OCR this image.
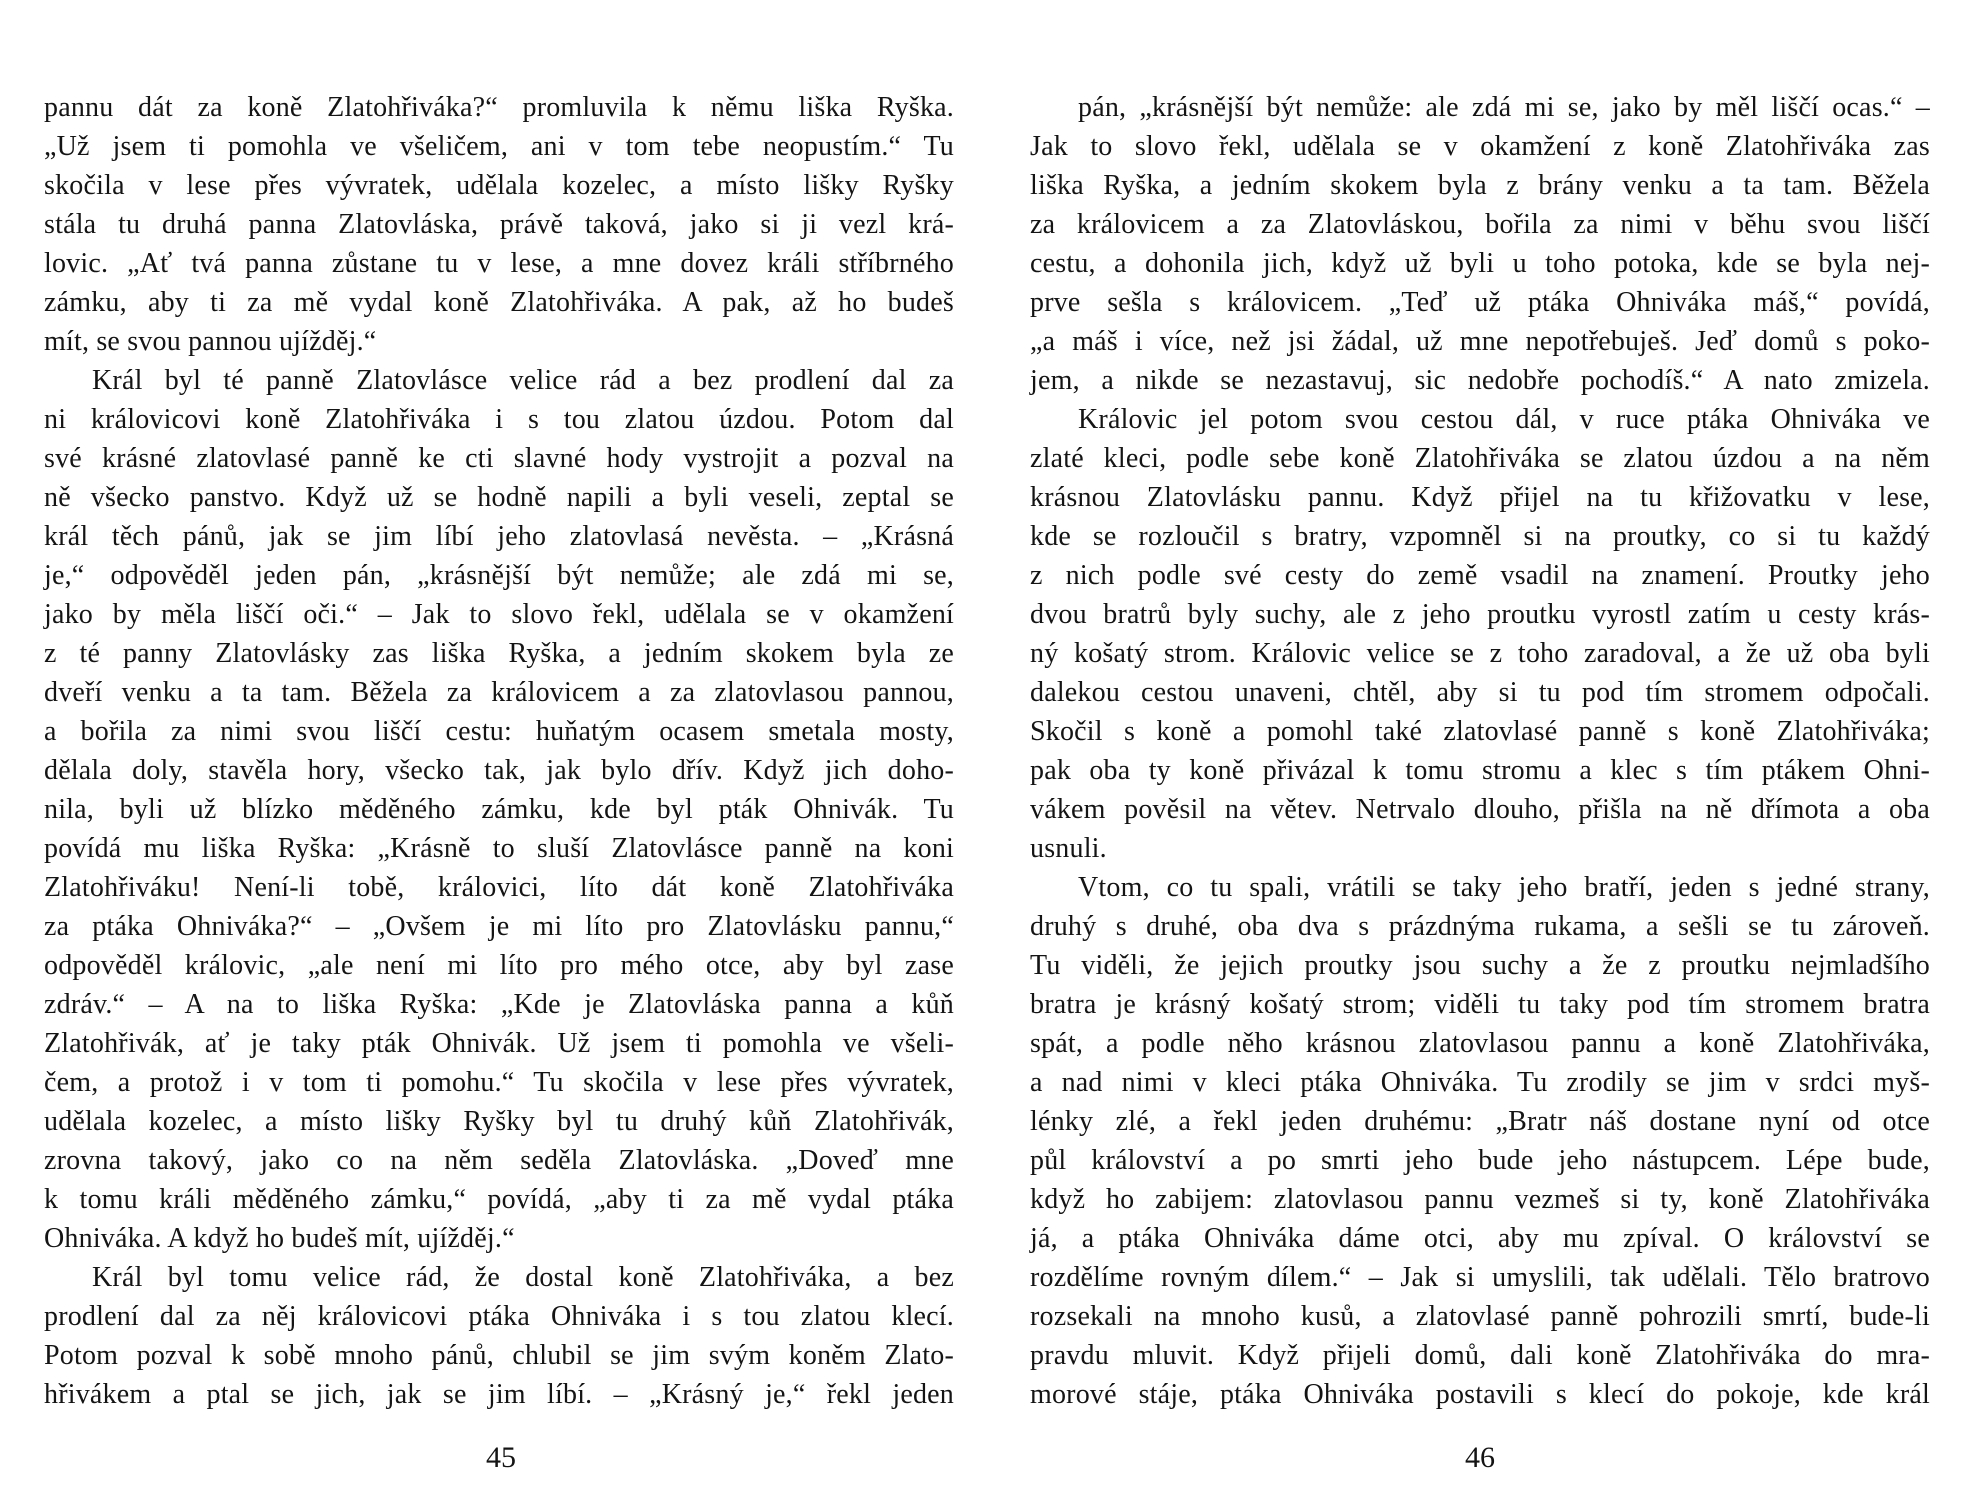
pannu dát za koně Zlatohřiváka?“ promluvila k němu liška Ryška.
„Už jsem ti pomohla ve všeličem, ani v tom tebe neopustím.“ Tu
skočila v lese přes vývratek, udělala kozelec, a místo lišky Ryšky
stála tu druhá panna Zlatovláska, právě taková, jako si ji vezl krá-
lovic. „Ať tvá panna zůstane tu v lese, a mne dovez králi stříbrného
zámku, aby ti za mě vydal koně Zlatohřiváka. A pak, až ho budeš
mít, se svou pannou ujížděj.“
Král byl té panně Zlatovlásce velice rád a bez prodlení dal za
ni královicovi koně Zlatohřiváka i s tou zlatou úzdou. Potom dal
své krásné zlatovlasé panně ke cti slavné hody vystrojit a pozval na
ně všecko panstvo. Když už se hodně napili a byli veseli, zeptal se
král těch pánů, jak se jim líbí jeho zlatovlasá nevěsta. – „Krásná
je,“ odpověděl jeden pán, „krásnější být nemůže; ale zdá mi se,
jako by měla liščí oči.“ – Jak to slovo řekl, udělala se v okamžení
z té panny Zlatovlásky zas liška Ryška, a jedním skokem byla ze
dveří venku a ta tam. Běžela za královicem a za zlatovlasou pannou,
a bořila za nimi svou liščí cestu: huňatým ocasem smetala mosty,
dělala doly, stavěla hory, všecko tak, jak bylo dřív. Když jich doho-
nila, byli už blízko měděného zámku, kde byl pták Ohnivák. Tu
povídá mu liška Ryška: „Krásně to sluší Zlatovlásce panně na koni
Zlatohřiváku! Není-li tobě, královici, líto dát koně Zlatohřiváka
za ptáka Ohniváka?“ – „Ovšem je mi líto pro Zlatovlásku pannu,“
odpověděl královic, „ale není mi líto pro mého otce, aby byl zase
zdráv.“ – A na to liška Ryška: „Kde je Zlatovláska panna a kůň
Zlatohřivák, ať je taky pták Ohnivák. Už jsem ti pomohla ve všeli-
čem, a protož i v tom ti pomohu.“ Tu skočila v lese přes vývratek,
udělala kozelec, a místo lišky Ryšky byl tu druhý kůň Zlatohřivák,
zrovna takový, jako co na něm seděla Zlatovláska. „Doveď mne
k tomu králi měděného zámku,“ povídá, „aby ti za mě vydal ptáka
Ohniváka. A když ho budeš mít, ujížděj.“
Král byl tomu velice rád, že dostal koně Zlatohřiváka, a bez
prodlení dal za něj královicovi ptáka Ohniváka i s tou zlatou klecí.
Potom pozval k sobě mnoho pánů, chlubil se jim svým koněm Zlato-
hřivákem a ptal se jich, jak se jim líbí. – „Krásný je,“ řekl jeden
pán, „krásnější být nemůže: ale zdá mi se, jako by měl liščí ocas.“ –
Jak to slovo řekl, udělala se v okamžení z koně Zlatohřiváka zas
liška Ryška, a jedním skokem byla z brány venku a ta tam. Běžela
za královicem a za Zlatovláskou, bořila za nimi v běhu svou liščí
cestu, a dohonila jich, když už byli u toho potoka, kde se byla nej-
prve sešla s královicem. „Teď už ptáka Ohniváka máš,“ povídá,
„a máš i více, než jsi žádal, už mne nepotřebuješ. Jeď domů s poko-
jem, a nikde se nezastavuj, sic nedobře pochodíš.“ A nato zmizela.
Královic jel potom svou cestou dál, v ruce ptáka Ohniváka ve
zlaté kleci, podle sebe koně Zlatohřiváka se zlatou úzdou a na něm
krásnou Zlatovlásku pannu. Když přijel na tu křižovatku v lese,
kde se rozloučil s bratry, vzpomněl si na proutky, co si tu každý
z nich podle své cesty do země vsadil na znamení. Proutky jeho
dvou bratrů byly suchy, ale z jeho proutku vyrostl zatím u cesty krás-
ný košatý strom. Královic velice se z toho zaradoval, a že už oba byli
dalekou cestou unaveni, chtěl, aby si tu pod tím stromem odpočali.
Skočil s koně a pomohl také zlatovlasé panně s koně Zlatohřiváka;
pak oba ty koně přivázal k tomu stromu a klec s tím ptákem Ohni-
vákem pověsil na větev. Netrvalo dlouho, přišla na ně dřímota a oba
usnuli.
Vtom, co tu spali, vrátili se taky jeho bratří, jeden s jedné strany,
druhý s druhé, oba dva s prázdnýma rukama, a sešli se tu zároveň.
Tu viděli, že jejich proutky jsou suchy a že z proutku nejmladšího
bratra je krásný košatý strom; viděli tu taky pod tím stromem bratra
spát, a podle něho krásnou zlatovlasou pannu a koně Zlatohřiváka,
a nad nimi v kleci ptáka Ohniváka. Tu zrodily se jim v srdci myš-
lénky zlé, a řekl jeden druhému: „Bratr náš dostane nyní od otce
půl království a po smrti jeho bude jeho nástupcem. Lépe bude,
když ho zabijem: zlatovlasou pannu vezmeš si ty, koně Zlatohřiváka
já, a ptáka Ohniváka dáme otci, aby mu zpíval. O království se
rozdělíme rovným dílem.“ – Jak si umyslili, tak udělali. Tělo bratrovo
rozsekali na mnoho kusů, a zlatovlasé panně pohrozili smrtí, bude-li
pravdu mluvit. Když přijeli domů, dali koně Zlatohřiváka do mra-
morové stáje, ptáka Ohniváka postavili s klecí do pokoje, kde král
45	46
